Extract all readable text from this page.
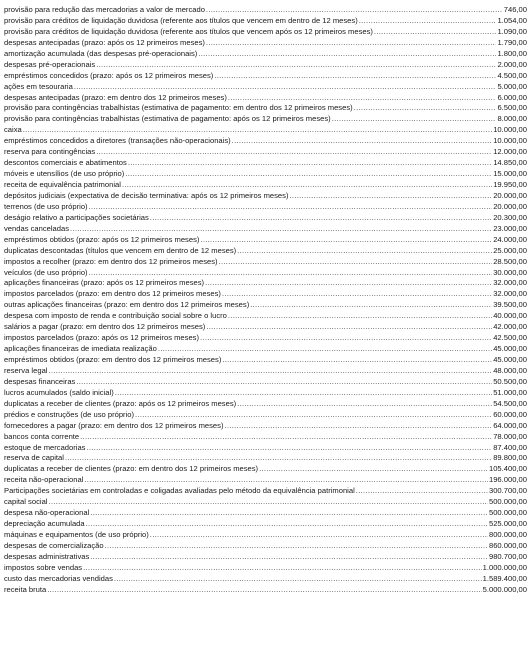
provisão para redução das mercadorias a valor de mercado .....	746,00
provisão para créditos de liquidação duvidosa (referente aos títulos que vencem em dentro de 12 meses) .....	1.054,00
provisão para créditos de liquidação duvidosa (referente aos títulos que vencem após os 12 primeiros meses) .....	1.090,00
despesas antecipadas (prazo: após os 12 primeiros meses) .....	1.790,00
amortização acumulada (das despesas pré-operacionais) .....	1.800,00
despesas pré-operacionais .....	2.000,00
empréstimos concedidos (prazo: após os 12 primeiros meses) .....	4.500,00
ações em tesouraria .....	5.000,00
despesas antecipadas (prazo: em dentro dos 12 primeiros meses) .....	6.000,00
provisão para contingências trabalhistas (estimativa de pagamento: em dentro dos 12 primeiros meses) .....	6.500,00
provisão para contingências trabalhistas (estimativa de pagamento: após os 12 primeiros meses) .....	8.000,00
caixa .....	10.000,00
empréstimos concedidos a diretores (transações não-operacionais) .....	10.000,00
reserva para contingências .....	12.000,00
descontos comerciais e abatimentos .....	14.850,00
móveis e utensílios (de uso próprio) .....	15.000,00
receita de equivalência patrimonial .....	19.950,00
depósitos judiciais (expectativa de decisão terminativa: após os 12 primeiros meses) .....	20.000,00
terrenos (de uso próprio) .....	20.000,00
deságio relativo a participações societárias .....	20.300,00
vendas canceladas .....	23.000,00
empréstimos obtidos (prazo: após os 12 primeiros meses) .....	24.000,00
duplicatas descontadas (títulos que vencem em dentro de 12 meses) .....	25.000,00
impostos a recolher (prazo: em dentro dos 12 primeiros meses) .....	28.500,00
veículos (de uso próprio) .....	30.000,00
aplicações financeiras (prazo: após os 12 primeiros meses) .....	32.000,00
impostos parcelados (prazo: em dentro dos 12 primeiros meses) .....	32.000,00
outras aplicações financeiras (prazo: em dentro dos 12 primeiros meses) .....	39.500,00
despesa com imposto de renda e contribuição social sobre o lucro .....	40.000,00
salários a pagar (prazo: em dentro dos 12 primeiros meses) .....	42.000,00
impostos parcelados (prazo: após os 12 primeiros meses) .....	42.500,00
aplicações financeiras de imediata realização .....	45.000,00
empréstimos obtidos (prazo: em dentro dos 12 primeiros meses) .....	45.000,00
reserva legal .....	48.000,00
despesas financeiras .....	50.500,00
lucros acumulados (saldo inicial) .....	51.000,00
duplicatas a receber de clientes (prazo: após os 12 primeiros meses) .....	54.500,00
prédios e construções (de uso próprio) .....	60.000,00
fornecedores a pagar (prazo: em dentro dos 12 primeiros meses) .....	64.000,00
bancos conta corrente .....	78.000,00
estoque de mercadorias .....	87.400,00
reserva de capital .....	89.800,00
duplicatas a receber de clientes (prazo: em dentro dos 12 primeiros meses) .....	105.400,00
receita não-operacional .....	196.000,00
Participações societárias em controladas e coligadas avaliadas pelo método da equivalência patrimonial .....	300.700,00
capital social .....	500.000,00
despesa não-operacional .....	500.000,00
depreciação acumulada .....	525.000,00
máquinas e equipamentos (de uso próprio) .....	800.000,00
despesas de comercialização .....	860.000,00
despesas administrativas .....	980.700,00
impostos sobre vendas .....	1.000.000,00
custo das mercadorias vendidas .....	1.589.400,00
receita bruta .....	5.000.000,00
